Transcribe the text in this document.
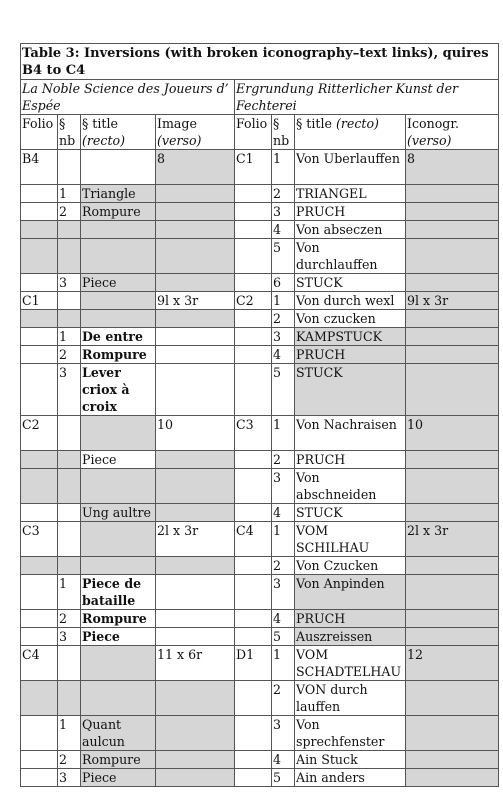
Table 3: Inversions (with broken iconography–text links), quires B4 to C4							
La Noble Science des Joueurs d’ Espée				Ergrundung Ritterlicher Kunst der Fechterei			
Folio	§ nb	§ title (recto)	Image (verso)	Folio	§ nb	§ title (recto)	Iconogr. (verso)
B4			8	C1	1	Von Uberlauffen	8
	1	Triangle			2	TRIANGEL	
	2	Rompure			3	PRUCH	
					4	Von abseczen	
					5	Von durchlauffen	
	3	Piece			6	STUCK	
C1			9l x 3r	C2	1	Von durch wexl	9l x 3r
					2	Von czucken	
	1	De entre			3	KAMPSTUCK	
	2	Rompure			4	PRUCH	
	3	Lever criox à croix			5	STUCK	
C2			10	C3	1	Von Nachraisen	10
		Piece			2	PRUCH	
					3	Von abschneiden	
		Ung aultre			4	STUCK	
C3			2l x 3r	C4	1	VOM SCHILHAU	2l x 3r
					2	Von Czucken	
	1	Piece de bataille			3	Von Anpinden	
	2	Rompure			4	PRUCH	
	3	Piece			5	Auszreissen	
C4			11 x 6r	D1	1	VOM SCHADTELHAU	12
					2	VON durch lauffen	
	1	Quant aulcun			3	Von sprechfenster	
	2	Rompure			4	Ain Stuck	
	3	Piece			5	Ain anders	
